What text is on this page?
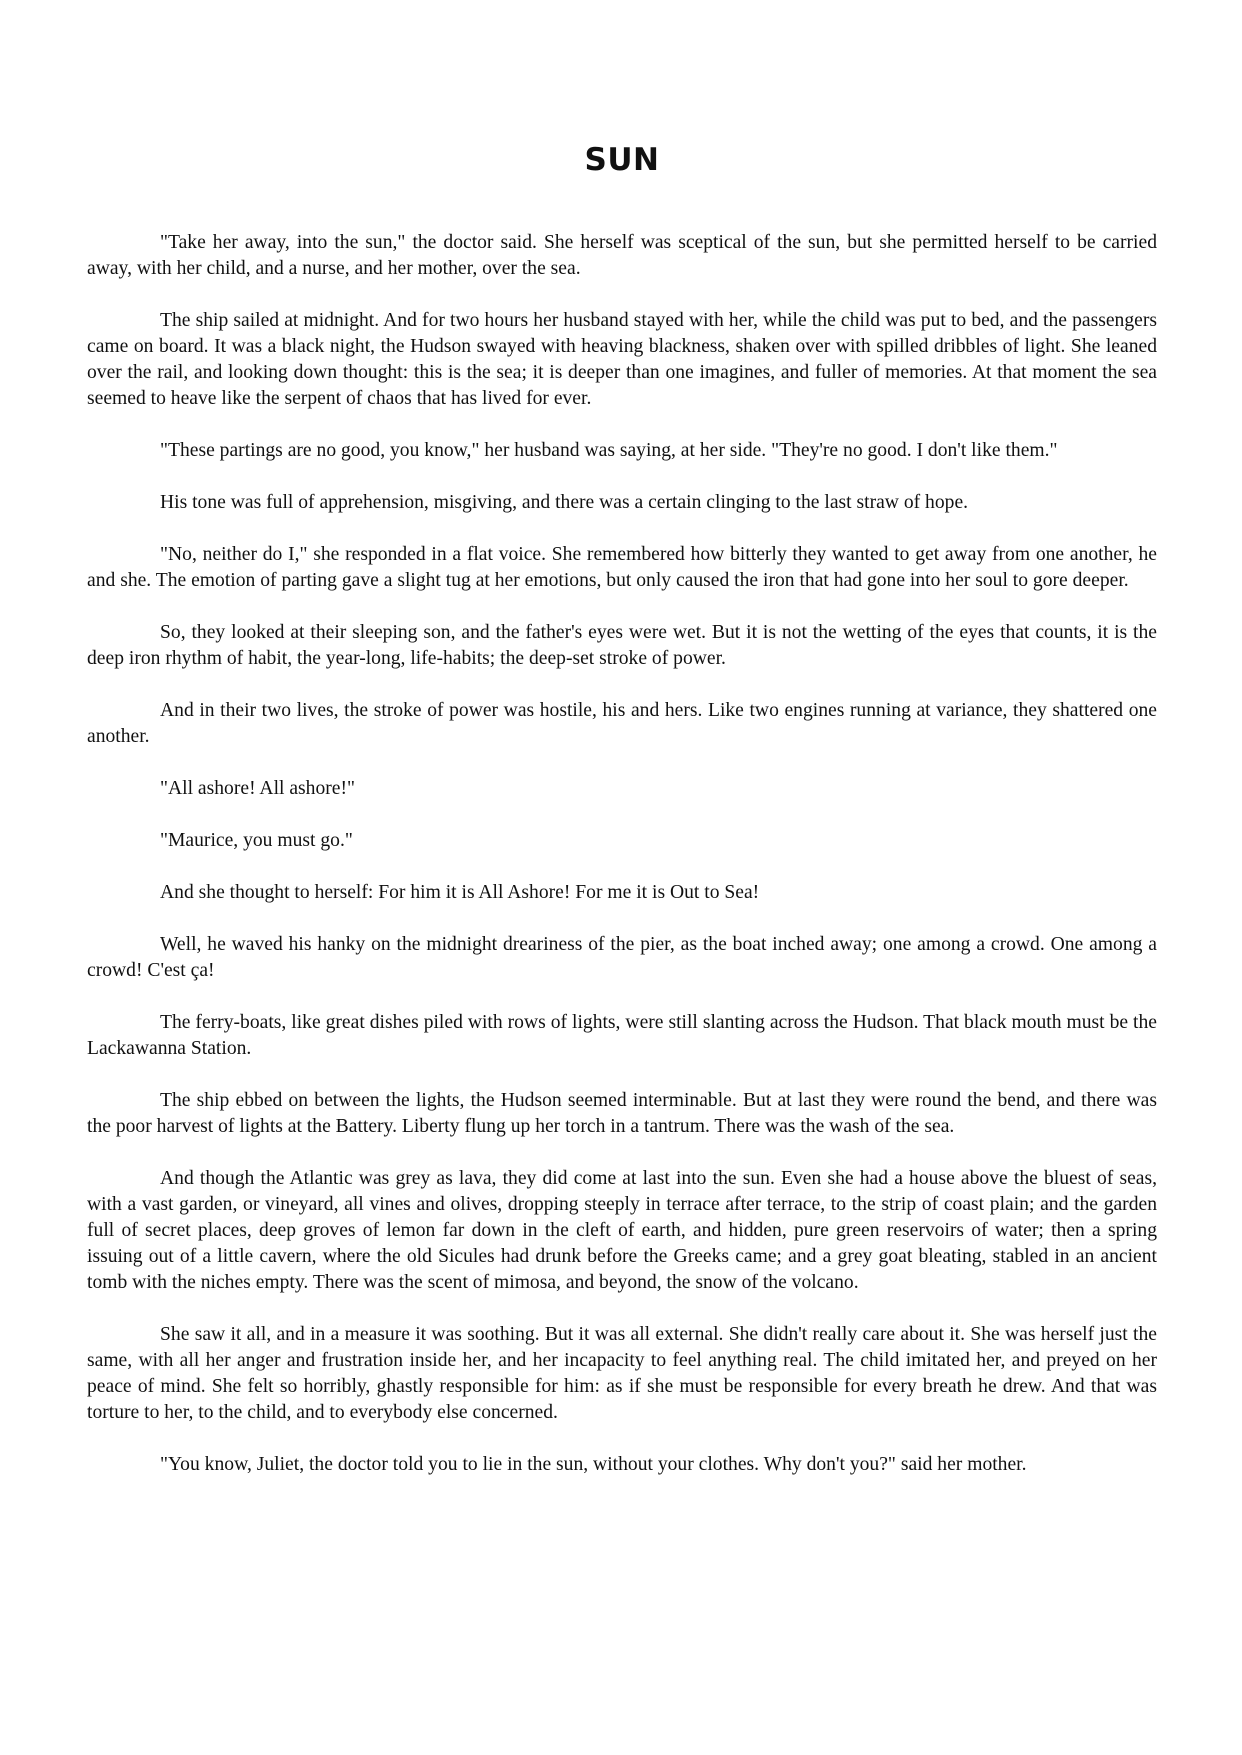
SUN

"Take her away, into the sun," the doctor said. She herself was sceptical of the sun, but she permitted herself to be carried away, with her child, and a nurse, and her mother, over the sea.

The ship sailed at midnight. And for two hours her husband stayed with her, while the child was put to bed, and the passengers came on board. It was a black night, the Hudson swayed with heaving blackness, shaken over with spilled dribbles of light. She leaned over the rail, and looking down thought: this is the sea; it is deeper than one imagines, and fuller of memories. At that moment the sea seemed to heave like the serpent of chaos that has lived for ever.

"These partings are no good, you know," her husband was saying, at her side. "They're no good. I don't like them."

His tone was full of apprehension, misgiving, and there was a certain clinging to the last straw of hope.

"No, neither do I," she responded in a flat voice. She remembered how bitterly they wanted to get away from one another, he and she. The emotion of parting gave a slight tug at her emotions, but only caused the iron that had gone into her soul to gore deeper.

So, they looked at their sleeping son, and the father's eyes were wet. But it is not the wetting of the eyes that counts, it is the deep iron rhythm of habit, the year-long, life-habits; the deep-set stroke of power.

And in their two lives, the stroke of power was hostile, his and hers. Like two engines running at variance, they shattered one another.

"All ashore! All ashore!"

"Maurice, you must go."

And she thought to herself: For him it is All Ashore! For me it is Out to Sea!

Well, he waved his hanky on the midnight dreariness of the pier, as the boat inched away; one among a crowd. One among a crowd! C'est ça!

The ferry-boats, like great dishes piled with rows of lights, were still slanting across the Hudson. That black mouth must be the Lackawanna Station.

The ship ebbed on between the lights, the Hudson seemed interminable. But at last they were round the bend, and there was the poor harvest of lights at the Battery. Liberty flung up her torch in a tantrum. There was the wash of the sea.

And though the Atlantic was grey as lava, they did come at last into the sun. Even she had a house above the bluest of seas, with a vast garden, or vineyard, all vines and olives, dropping steeply in terrace after terrace, to the strip of coast plain; and the garden full of secret places, deep groves of lemon far down in the cleft of earth, and hidden, pure green reservoirs of water; then a spring issuing out of a little cavern, where the old Sicules had drunk before the Greeks came; and a grey goat bleating, stabled in an ancient tomb with the niches empty. There was the scent of mimosa, and beyond, the snow of the volcano.

She saw it all, and in a measure it was soothing. But it was all external. She didn't really care about it. She was herself just the same, with all her anger and frustration inside her, and her incapacity to feel anything real. The child imitated her, and preyed on her peace of mind. She felt so horribly, ghastly responsible for him: as if she must be responsible for every breath he drew. And that was torture to her, to the child, and to everybody else concerned.

"You know, Juliet, the doctor told you to lie in the sun, without your clothes. Why don't you?" said her mother.
